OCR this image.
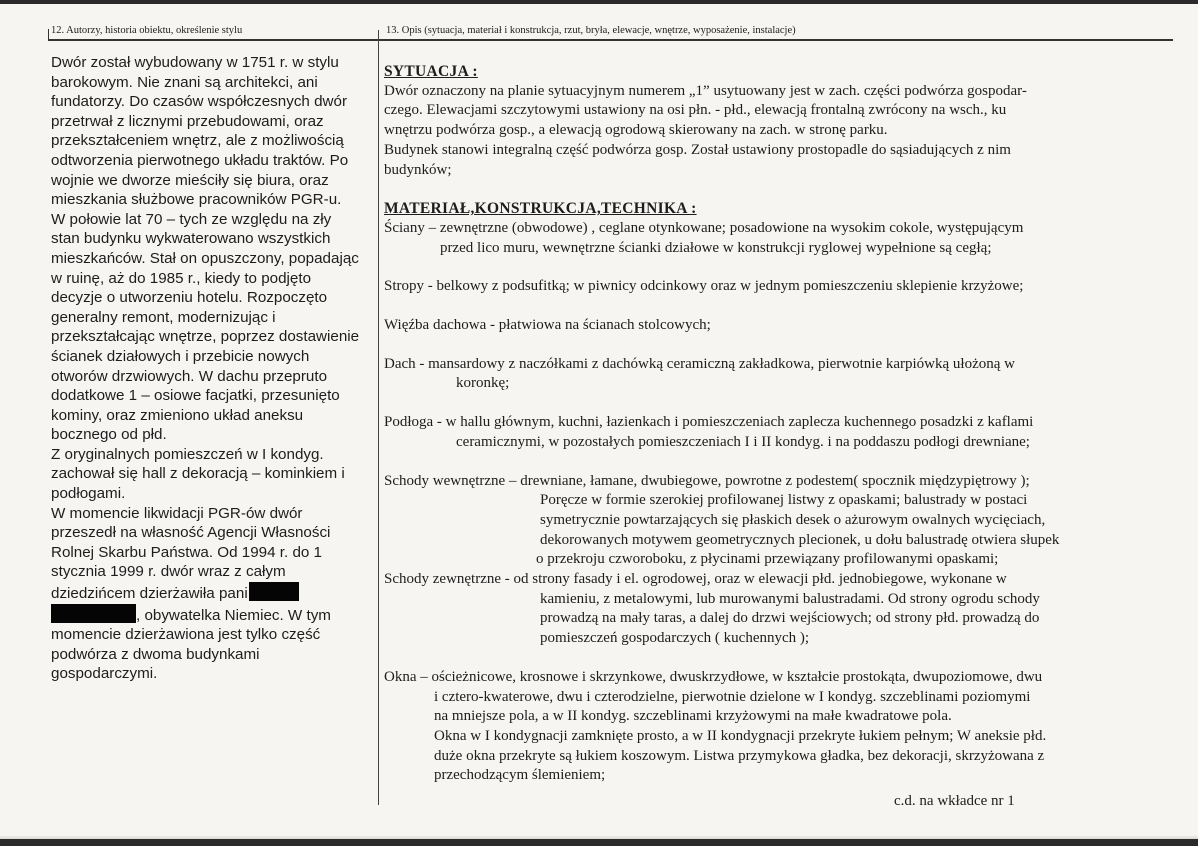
12. Autorzy, historia obiektu, określenie stylu	13. Opis (sytuacja, materiał i konstrukcja, rzut, bryła, elewacje, wnętrze, wyposażenie, instalacje)
Dwór został wybudowany w 1751 r. w stylu
barokowym. Nie znani są architekci, ani
fundatorzy. Do czasów współczesnych dwór
przetrwał z licznymi przebudowami, oraz
przekształceniem wnętrz, ale z możliwością
odtworzenia pierwotnego układu traktów. Po
wojnie we dworze mieściły się biura, oraz
mieszkania służbowe pracowników PGR-u.
W połowie lat 70 – tych ze względu na zły
stan budynku wykwaterowano wszystkich
mieszkańców. Stał on opuszczony, popadając
w ruinę, aż do 1985 r., kiedy to podjęto
decyzje o utworzeniu hotelu. Rozpoczęto
generalny remont, modernizując i
przekształcając wnętrze, poprzez dostawienie
ścianek działowych i przebicie nowych
otworów drzwiowych. W dachu przepruto
dodatkowe 1 – osiowe facjatki, przesunięto
kominy, oraz zmieniono układ aneksu
bocznego od płd.
Z oryginalnych pomieszczeń w I kondyg.
zachował się hall z dekoracją – kominkiem i
podłogami.
W momencie likwidacji PGR-ów dwór
przeszedł na własność Agencji Własności
Rolnej Skarbu Państwa. Od 1994 r. do 1
stycznia 1999 r. dwór wraz z całym
dziedzińcem dzierżawiła pani
, obywatelka Niemiec. W tym
momencie dzierżawiona jest tylko część
podwórza z dwoma budynkami
gospodarczymi.
SYTUACJA :
Dwór oznaczony na planie sytuacyjnym numerem „1” usytuowany jest w zach. części podwórza gospodar-
czego. Elewacjami szczytowymi ustawiony na osi płn. - płd., elewacją frontalną zwrócony na wsch., ku
wnętrzu podwórza gosp., a elewacją ogrodową skierowany na zach. w stronę parku.
Budynek stanowi integralną część podwórza gosp. Został ustawiony prostopadle do sąsiadujących z nim
budynków;
MATERIAŁ,KONSTRUKCJA,TECHNIKA :
Ściany – zewnętrzne (obwodowe) , ceglane otynkowane; posadowione na wysokim cokole, występującym
przed lico muru, wewnętrzne ścianki działowe w konstrukcji ryglowej wypełnione są cegłą;
Stropy - belkowy z podsufitką; w piwnicy odcinkowy oraz w jednym pomieszczeniu sklepienie krzyżowe;
Więźba dachowa - płatwiowa na ścianach stolcowych;
Dach - mansardowy z naczółkami z dachówką ceramiczną zakładkowa, pierwotnie karpiówką ułożoną w
koronkę;
Podłoga - w hallu głównym, kuchni, łazienkach i pomieszczeniach zaplecza kuchennego posadzki z kaflami
ceramicznymi, w pozostałych pomieszczeniach I i II kondyg. i na poddaszu podłogi drewniane;
Schody wewnętrzne – drewniane, łamane, dwubiegowe, powrotne z podestem( spocznik międzypiętrowy );
Poręcze w formie szerokiej profilowanej listwy z opaskami; balustrady w postaci
symetrycznie powtarzających się płaskich desek o ażurowym owalnych wycięciach,
dekorowanych motywem geometrycznych plecionek, u dołu balustradę otwiera słupek
o przekroju czworoboku, z płycinami przewiązany profilowanymi opaskami;
Schody zewnętrzne - od strony fasady i el. ogrodowej, oraz w elewacji płd. jednobiegowe, wykonane w
kamieniu, z metalowymi, lub murowanymi balustradami. Od strony ogrodu schody
prowadzą na mały taras, a dalej do drzwi wejściowych; od strony płd. prowadzą do
pomieszczeń gospodarczych ( kuchennych );
Okna – ościeżnicowe, krosnowe i skrzynkowe, dwuskrzydłowe, w kształcie prostokąta, dwupoziomowe, dwu
i cztero-kwaterowe, dwu i czterodzielne, pierwotnie dzielone w I kondyg. szczeblinami poziomymi
na mniejsze pola, a w II kondyg. szczeblinami krzyżowymi na małe kwadratowe pola.
Okna w I kondygnacji zamknięte prosto, a w II kondygnacji przekryte łukiem pełnym; W aneksie płd.
duże okna przekryte są łukiem koszowym. Listwa przymykowa gładka, bez dekoracji, skrzyżowana z
przechodzącym ślemieniem;
c.d. na wkładce nr 1
